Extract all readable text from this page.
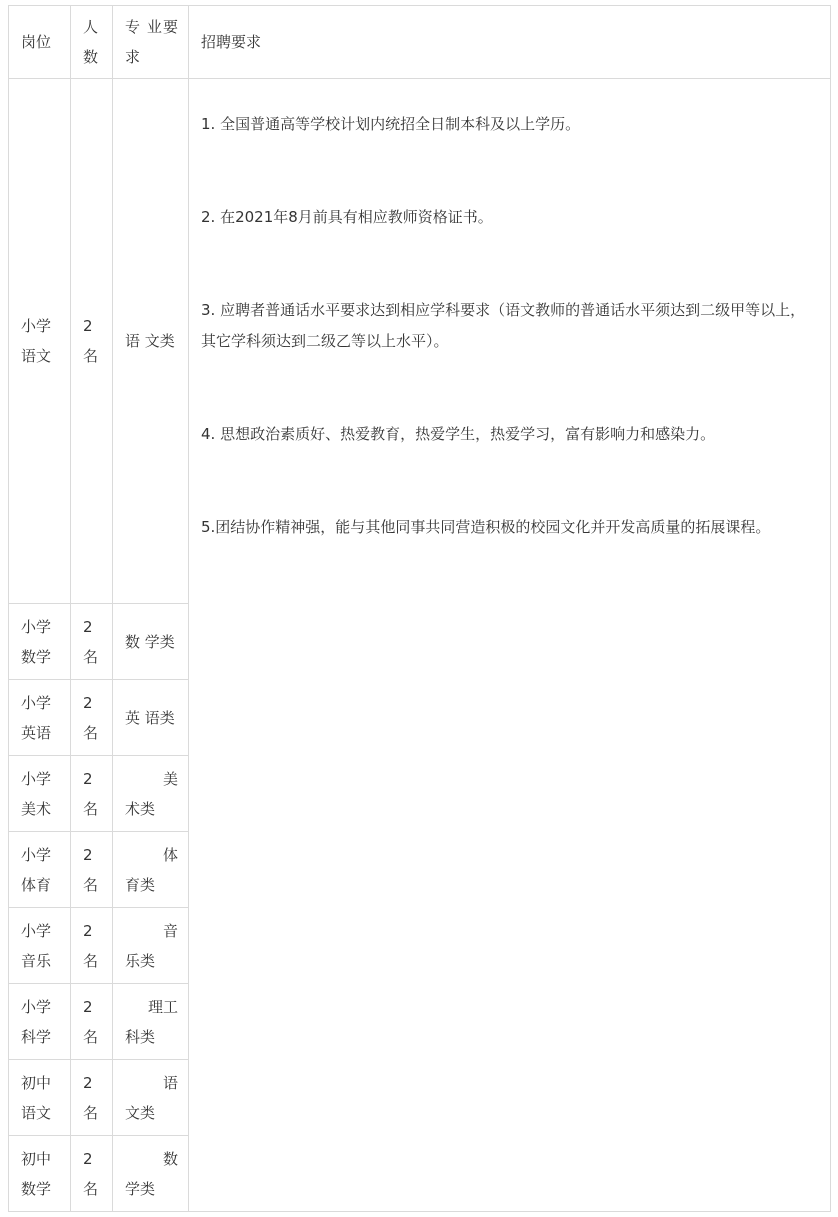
岗位	人数	专 业要求	招聘要求

小学语文	2名	语 文类	1. 全国普通高等学校计划内统招全日制本科及以上学历。

2. 在2021年8月前具有相应教师资格证书。

3. 应聘者普通话水平要求达到相应学科要求（语文教师的普通话水平须达到二级甲等以上，其它学科须达到二级乙等以上水平）。

4. 思想政治素质好、热爱教育，热爱学生，热爱学习，富有影响力和感染力。

5.团结协作精神强，能与其他同事共同营造积极的校园文化并开发高质量的拓展课程。

小学数学	2名	数 学类	

小学英语	2名	英 语类	

小学美术	2名	美
术类	

小学体育	2名	体
育类	

小学音乐	2名	音
乐类	

小学科学	2名	理工
科类	

初中语文	2名	语
文类	

初中数学	2名	数
学类	
